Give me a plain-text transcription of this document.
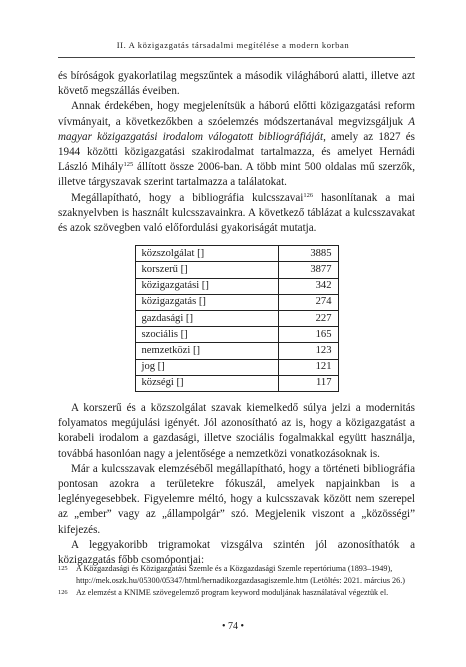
II. A közigazgatás társadalmi megítélése a modern korban

és bíróságok gyakorlatilag megszűntek a második világháború alatti, illetve azt követő megszállás éveiben.

Annak érdekében, hogy megjelenítsük a háború előtti közigazgatási reform vívmányait, a következőkben a szóelemzés módszertanával megvizsgáljuk A magyar közigazgatási irodalom válogatott bibliográfiáját, amely az 1827 és 1944 közötti közigazgatási szakirodalmat tartalmazza, és amelyet Hernádi László Mihály$^{125}$ állított össze 2006-ban. A több mint 500 oldalas mű szerzők, illetve tárgyszavak szerint tartalmazza a találatokat.

Megállapítható, hogy a bibliográfia kulcsszavai$^{126}$ hasonlítanak a mai szaknyelvben is használt kulcsszavainkra. A következő táblázat a kulcsszavakat és azok szövegben való előfordulási gyakoriságát mutatja.

közszolgálat []	3885
korszerű []	3877
közigazgatási []	342
közigazgatás []	274
gazdasági []	227
szociális []	165
nemzetközi []	123
jog []	121
községi []	117

A korszerű és a közszolgálat szavak kiemelkedő súlya jelzi a modernitás folyamatos megújulási igényét. Jól azonosítható az is, hogy a közigazgatást a korabeli irodalom a gazdasági, illetve szociális fogalmakkal együtt használja, továbbá hasonlóan nagy a jelentősége a nemzetközi vonatkozásoknak is.

Már a kulcsszavak elemzéséből megállapítható, hogy a történeti bibliográfia pontosan azokra a területekre fókuszál, amelyek napjainkban is a leglényegesebbek. Figyelemre méltó, hogy a kulcsszavak között nem szerepel az „ember” vagy az „állampolgár” szó. Megjelenik viszont a „közösségi” kifejezés.

A leggyakoribb trigramokat vizsgálva szintén jól azonosíthatók a közigazgatás főbb csomópontjai:

125 A Közgazdasági és Közigazgatási Szemle és a Közgazdasági Szemle repertóriuma (1893–1949), http://mek.oszk.hu/05300/05347/html/hernadikozgazdasagiszemle.htm (Letöltés: 2021. március 26.)
126 Az elemzést a KNIME szövegelemző program keyword moduljának használatával végeztük el.
• 74 •
